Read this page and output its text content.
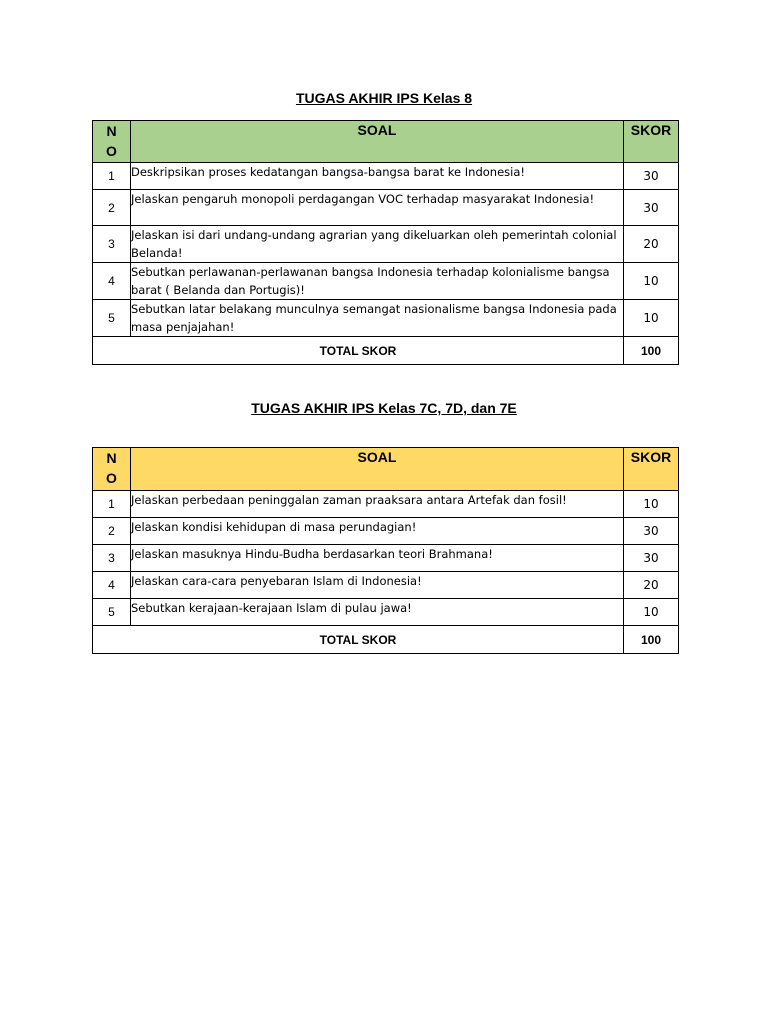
TUGAS AKHIR IPS Kelas 8
N
O	SOAL	SKOR
1	Deskripsikan proses kedatangan bangsa-bangsa barat ke Indonesia!	30
2	Jelaskan pengaruh monopoli perdagangan VOC terhadap masyarakat Indonesia!	30
3	Jelaskan isi dari undang-undang agrarian yang dikeluarkan oleh pemerintah colonial Belanda!	20
4	Sebutkan perlawanan-perlawanan bangsa Indonesia terhadap kolonialisme bangsa barat ( Belanda dan Portugis)!	10
5	Sebutkan latar belakang munculnya semangat nasionalisme bangsa Indonesia pada masa penjajahan!	10
TOTAL SKOR		100
TUGAS AKHIR IPS Kelas 7C, 7D, dan 7E
N
O	SOAL	SKOR
1	Jelaskan perbedaan peninggalan zaman praaksara antara Artefak dan fosil!	10
2	Jelaskan kondisi kehidupan di masa perundagian!	30
3	Jelaskan masuknya Hindu-Budha berdasarkan teori Brahmana!	30
4	Jelaskan cara-cara penyebaran Islam di Indonesia!	20
5	Sebutkan kerajaan-kerajaan Islam di pulau jawa!	10
TOTAL SKOR		100
